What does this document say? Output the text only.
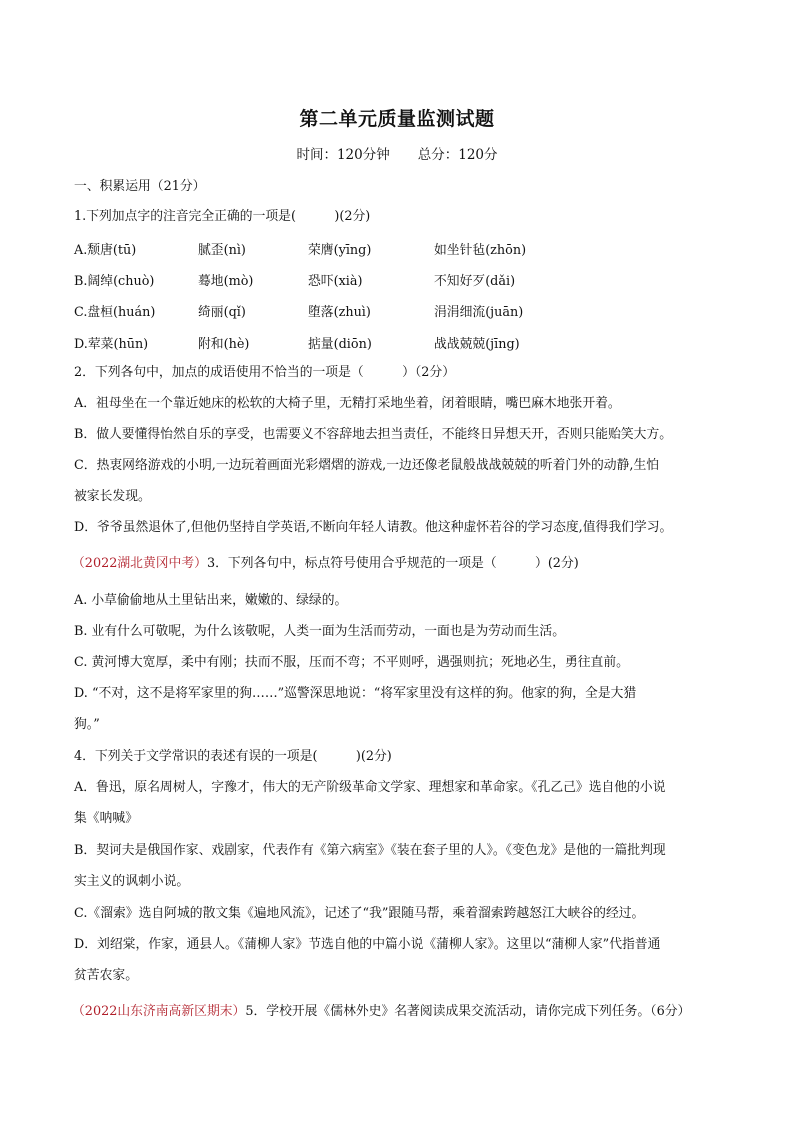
第二单元质量监测试题
时间：120分钟 总分：120分
一、积累运用（21分）
1.下列加点字的注音完全正确的一项是(　　　)(2分)
A.颓唐(tū)	腻歪(nì)	荣膺(yīng)	如坐针毡(zhōn)
B.阔绰(chuò)	蓦地(mò)	恐吓(xià)	不知好歹(dǎi)
C.盘桓(huán)	绮丽(qǐ)	堕落(zhuì)	涓涓细流(juān)
D.荤菜(hūn)	附和(hè)	掂量(diōn)	战战兢兢(jīng)
2．下列各句中，加点的成语使用不恰当的一项是（　　　）（2分）
A．祖母坐在一个靠近她床的松软的大椅子里，无精打采地坐着，闭着眼睛，嘴巴麻木地张开着。
B．做人要懂得怡然自乐的享受，也需要义不容辞地去担当责任，不能终日异想天开，否则只能贻笑大方。
C．热衷网络游戏的小明,一边玩着画面光彩熠熠的游戏,一边还像老鼠般战战兢兢的听着门外的动静,生怕
被家长发现。
D．爷爷虽然退休了,但他仍坚持自学英语,不断向年轻人请教。他这种虚怀若谷的学习态度,值得我们学习。
（2022湖北黄冈中考）3．下列各句中，标点符号使用合乎规范的一项是（　　　）(2分)
A. 小草偷偷地从土里钻出来，嫩嫩的、绿绿的。
B. 业有什么可敬呢，为什么该敬呢，人类一面为生活而劳动，一面也是为劳动而生活。
C. 黄河博大宽厚，柔中有刚；扶而不服，压而不弯；不平则呼，遇强则抗；死地必生，勇往直前。
D. “不对，这不是将军家里的狗……”巡警深思地说：“将军家里没有这样的狗。他家的狗，全是大猎
狗。”
4．下列关于文学常识的表述有误的一项是(　　　)(2分)
A．鲁迅，原名周树人，字豫才，伟大的无产阶级革命文学家、理想家和革命家。《孔乙己》选自他的小说
集《呐喊》
B．契诃夫是俄国作家、戏剧家，代表作有《第六病室》《装在套子里的人》。《变色龙》是他的一篇批判现
实主义的讽刺小说。
C.《溜索》选自阿城的散文集《遍地风流》，记述了“我”跟随马帮，乘着溜索跨越怒江大峡谷的经过。
D．刘绍棠，作家，通县人。《蒲柳人家》节选自他的中篇小说《蒲柳人家》。这里以“蒲柳人家”代指普通
贫苦农家。
（2022山东济南高新区期末）5．学校开展《儒林外史》名著阅读成果交流活动，请你完成下列任务。（6分）
